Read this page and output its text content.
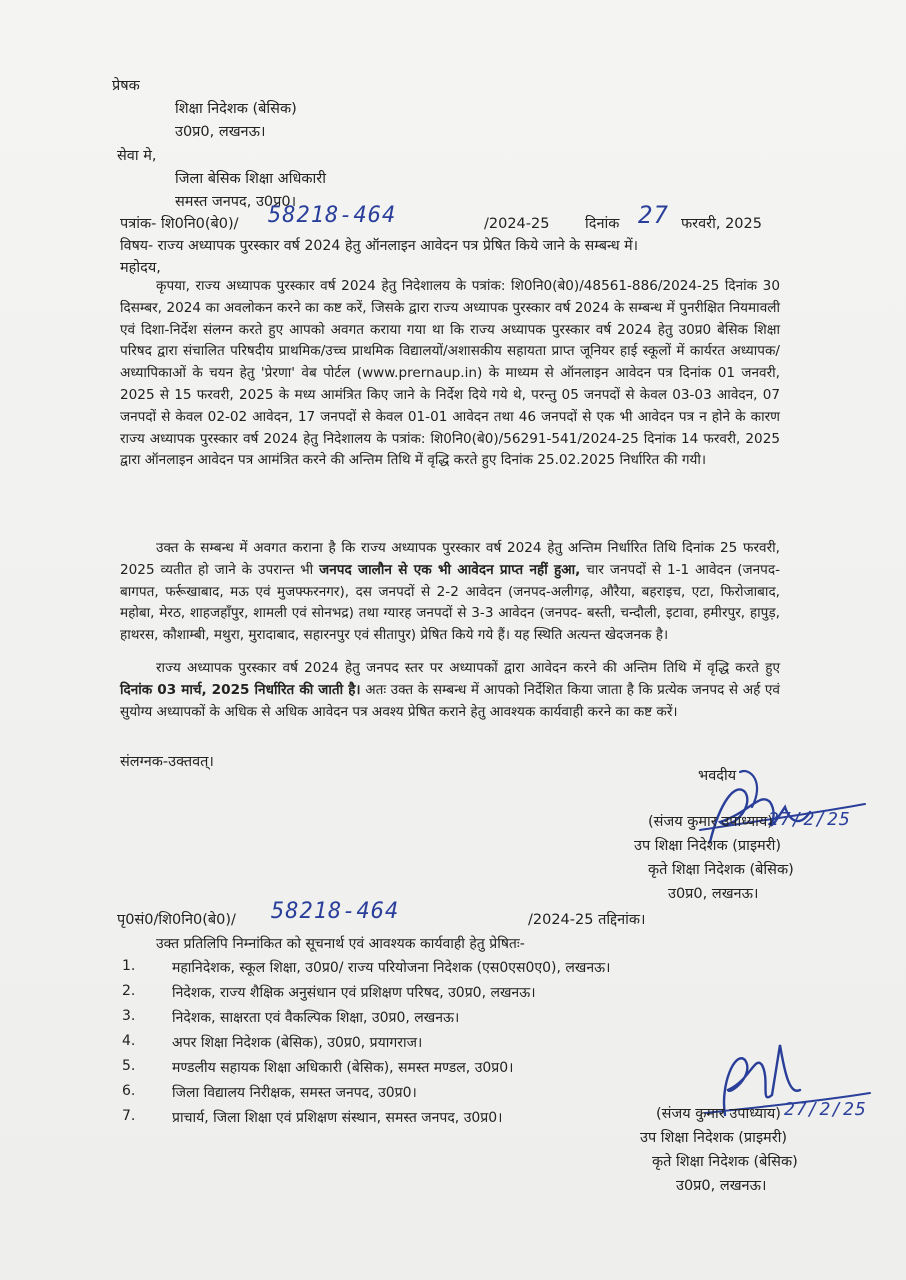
प्रेषक
शिक्षा निदेशक (बेसिक)
उ0प्र0, लखनऊ।
सेवा मे,
जिला बेसिक शिक्षा अधिकारी
समस्त जनपद, उ0प्र0।
पत्रांक- शि0नि0(बे0)/ 58218-464	/2024-25 दिनांक 27 फरवरी, 2025
विषय- राज्य अध्यापक पुरस्कार वर्ष 2024 हेतु ऑनलाइन आवेदन पत्र प्रेषित किये जाने के सम्बन्ध में।
महोदय,
कृपया, राज्य अध्यापक पुरस्कार वर्ष 2024 हेतु निदेशालय के पत्रांक: शि0नि0(बे0)/48561-886/2024-25 दिनांक 30 दिसम्बर, 2024 का अवलोकन करने का कष्ट करें, जिसके द्वारा राज्य अध्यापक पुरस्कार वर्ष 2024 के सम्बन्ध में पुनरीक्षित नियमावली एवं दिशा-निर्देश संलग्न करते हुए आपको अवगत कराया गया था कि राज्य अध्यापक पुरस्कार वर्ष 2024 हेतु उ0प्र0 बेसिक शिक्षा परिषद द्वारा संचालित परिषदीय प्राथमिक/उच्च प्राथमिक विद्यालयों/अशासकीय सहायता प्राप्त जूनियर हाई स्कूलों में कार्यरत अध्यापक/अध्यापिकाओं के चयन हेतु 'प्रेरणा' वेब पोर्टल (www.prernaup.in) के माध्यम से ऑनलाइन आवेदन पत्र दिनांक 01 जनवरी, 2025 से 15 फरवरी, 2025 के मध्य आमंत्रित किए जाने के निर्देश दिये गये थे, परन्तु 05 जनपदों से केवल 03-03 आवेदन, 07 जनपदों से केवल 02-02 आवेदन, 17 जनपदों से केवल 01-01 आवेदन तथा 46 जनपदों से एक भी आवेदन पत्र न होने के कारण राज्य अध्यापक पुरस्कार वर्ष 2024 हेतु निदेशालय के पत्रांक: शि0नि0(बे0)/56291-541/2024-25 दिनांक 14 फरवरी, 2025 द्वारा ऑनलाइन आवेदन पत्र आमंत्रित करने की अन्तिम तिथि में वृद्धि करते हुए दिनांक 25.02.2025 निर्धारित की गयी।
उक्त के सम्बन्ध में अवगत कराना है कि राज्य अध्यापक पुरस्कार वर्ष 2024 हेतु अन्तिम निर्धारित तिथि दिनांक 25 फरवरी, 2025 व्यतीत हो जाने के उपरान्त भी जनपद जालौन से एक भी आवेदन प्राप्त नहीं हुआ, चार जनपदों से 1-1 आवेदन (जनपद- बागपत, फर्रूखाबाद, मऊ एवं मुजफ्फरनगर), दस जनपदों से 2-2 आवेदन (जनपद-अलीगढ़, औरैया, बहराइच, एटा, फिरोजाबाद, महोबा, मेरठ, शाहजहाँपुर, शामली एवं सोनभद्र) तथा ग्यारह जनपदों से 3-3 आवेदन (जनपद- बस्ती, चन्दौली, इटावा, हमीरपुर, हापुड़, हाथरस, कौशाम्बी, मथुरा, मुरादाबाद, सहारनपुर एवं सीतापुर) प्रेषित किये गये हैं। यह स्थिति अत्यन्त खेदजनक है।
राज्य अध्यापक पुरस्कार वर्ष 2024 हेतु जनपद स्तर पर अध्यापकों द्वारा आवेदन करने की अन्तिम तिथि में वृद्धि करते हुए दिनांक 03 मार्च, 2025 निर्धारित की जाती है। अतः उक्त के सम्बन्ध में आपको निर्देशित किया जाता है कि प्रत्येक जनपद से अर्ह एवं सुयोग्य अध्यापकों के अधिक से अधिक आवेदन पत्र अवश्य प्रेषित कराने हेतु आवश्यक कार्यवाही करने का कष्ट करें।
संलग्नक-उक्तवत्।
भवदीय
27/2/25
(संजय कुमार उपाध्याय)
उप शिक्षा निदेशक (प्राइमरी)
कृते शिक्षा निदेशक (बेसिक)
उ0प्र0, लखनऊ।
पृ0सं0/शि0नि0(बे0)/ 58218-464	/2024-25 तद्दिनांक।
उक्त प्रतिलिपि निम्नांकित को सूचनार्थ एवं आवश्यक कार्यवाही हेतु प्रेषितः-
1.	महानिदेशक, स्कूल शिक्षा, उ0प्र0/ राज्य परियोजना निदेशक (एस0एस0ए0), लखनऊ।
2.	निदेशक, राज्य शैक्षिक अनुसंधान एवं प्रशिक्षण परिषद, उ0प्र0, लखनऊ।
3.	निदेशक, साक्षरता एवं वैकल्पिक शिक्षा, उ0प्र0, लखनऊ।
4.	अपर शिक्षा निदेशक (बेसिक), उ0प्र0, प्रयागराज।
5.	मण्डलीय सहायक शिक्षा अधिकारी (बेसिक), समस्त मण्डल, उ0प्र0।
6.	जिला विद्यालय निरीक्षक, समस्त जनपद, उ0प्र0।
7.	प्राचार्य, जिला शिक्षा एवं प्रशिक्षण संस्थान, समस्त जनपद, उ0प्र0।	27/2/25
(संजय कुमार उपाध्याय)
उप शिक्षा निदेशक (प्राइमरी)
कृते शिक्षा निदेशक (बेसिक)
उ0प्र0, लखनऊ।
